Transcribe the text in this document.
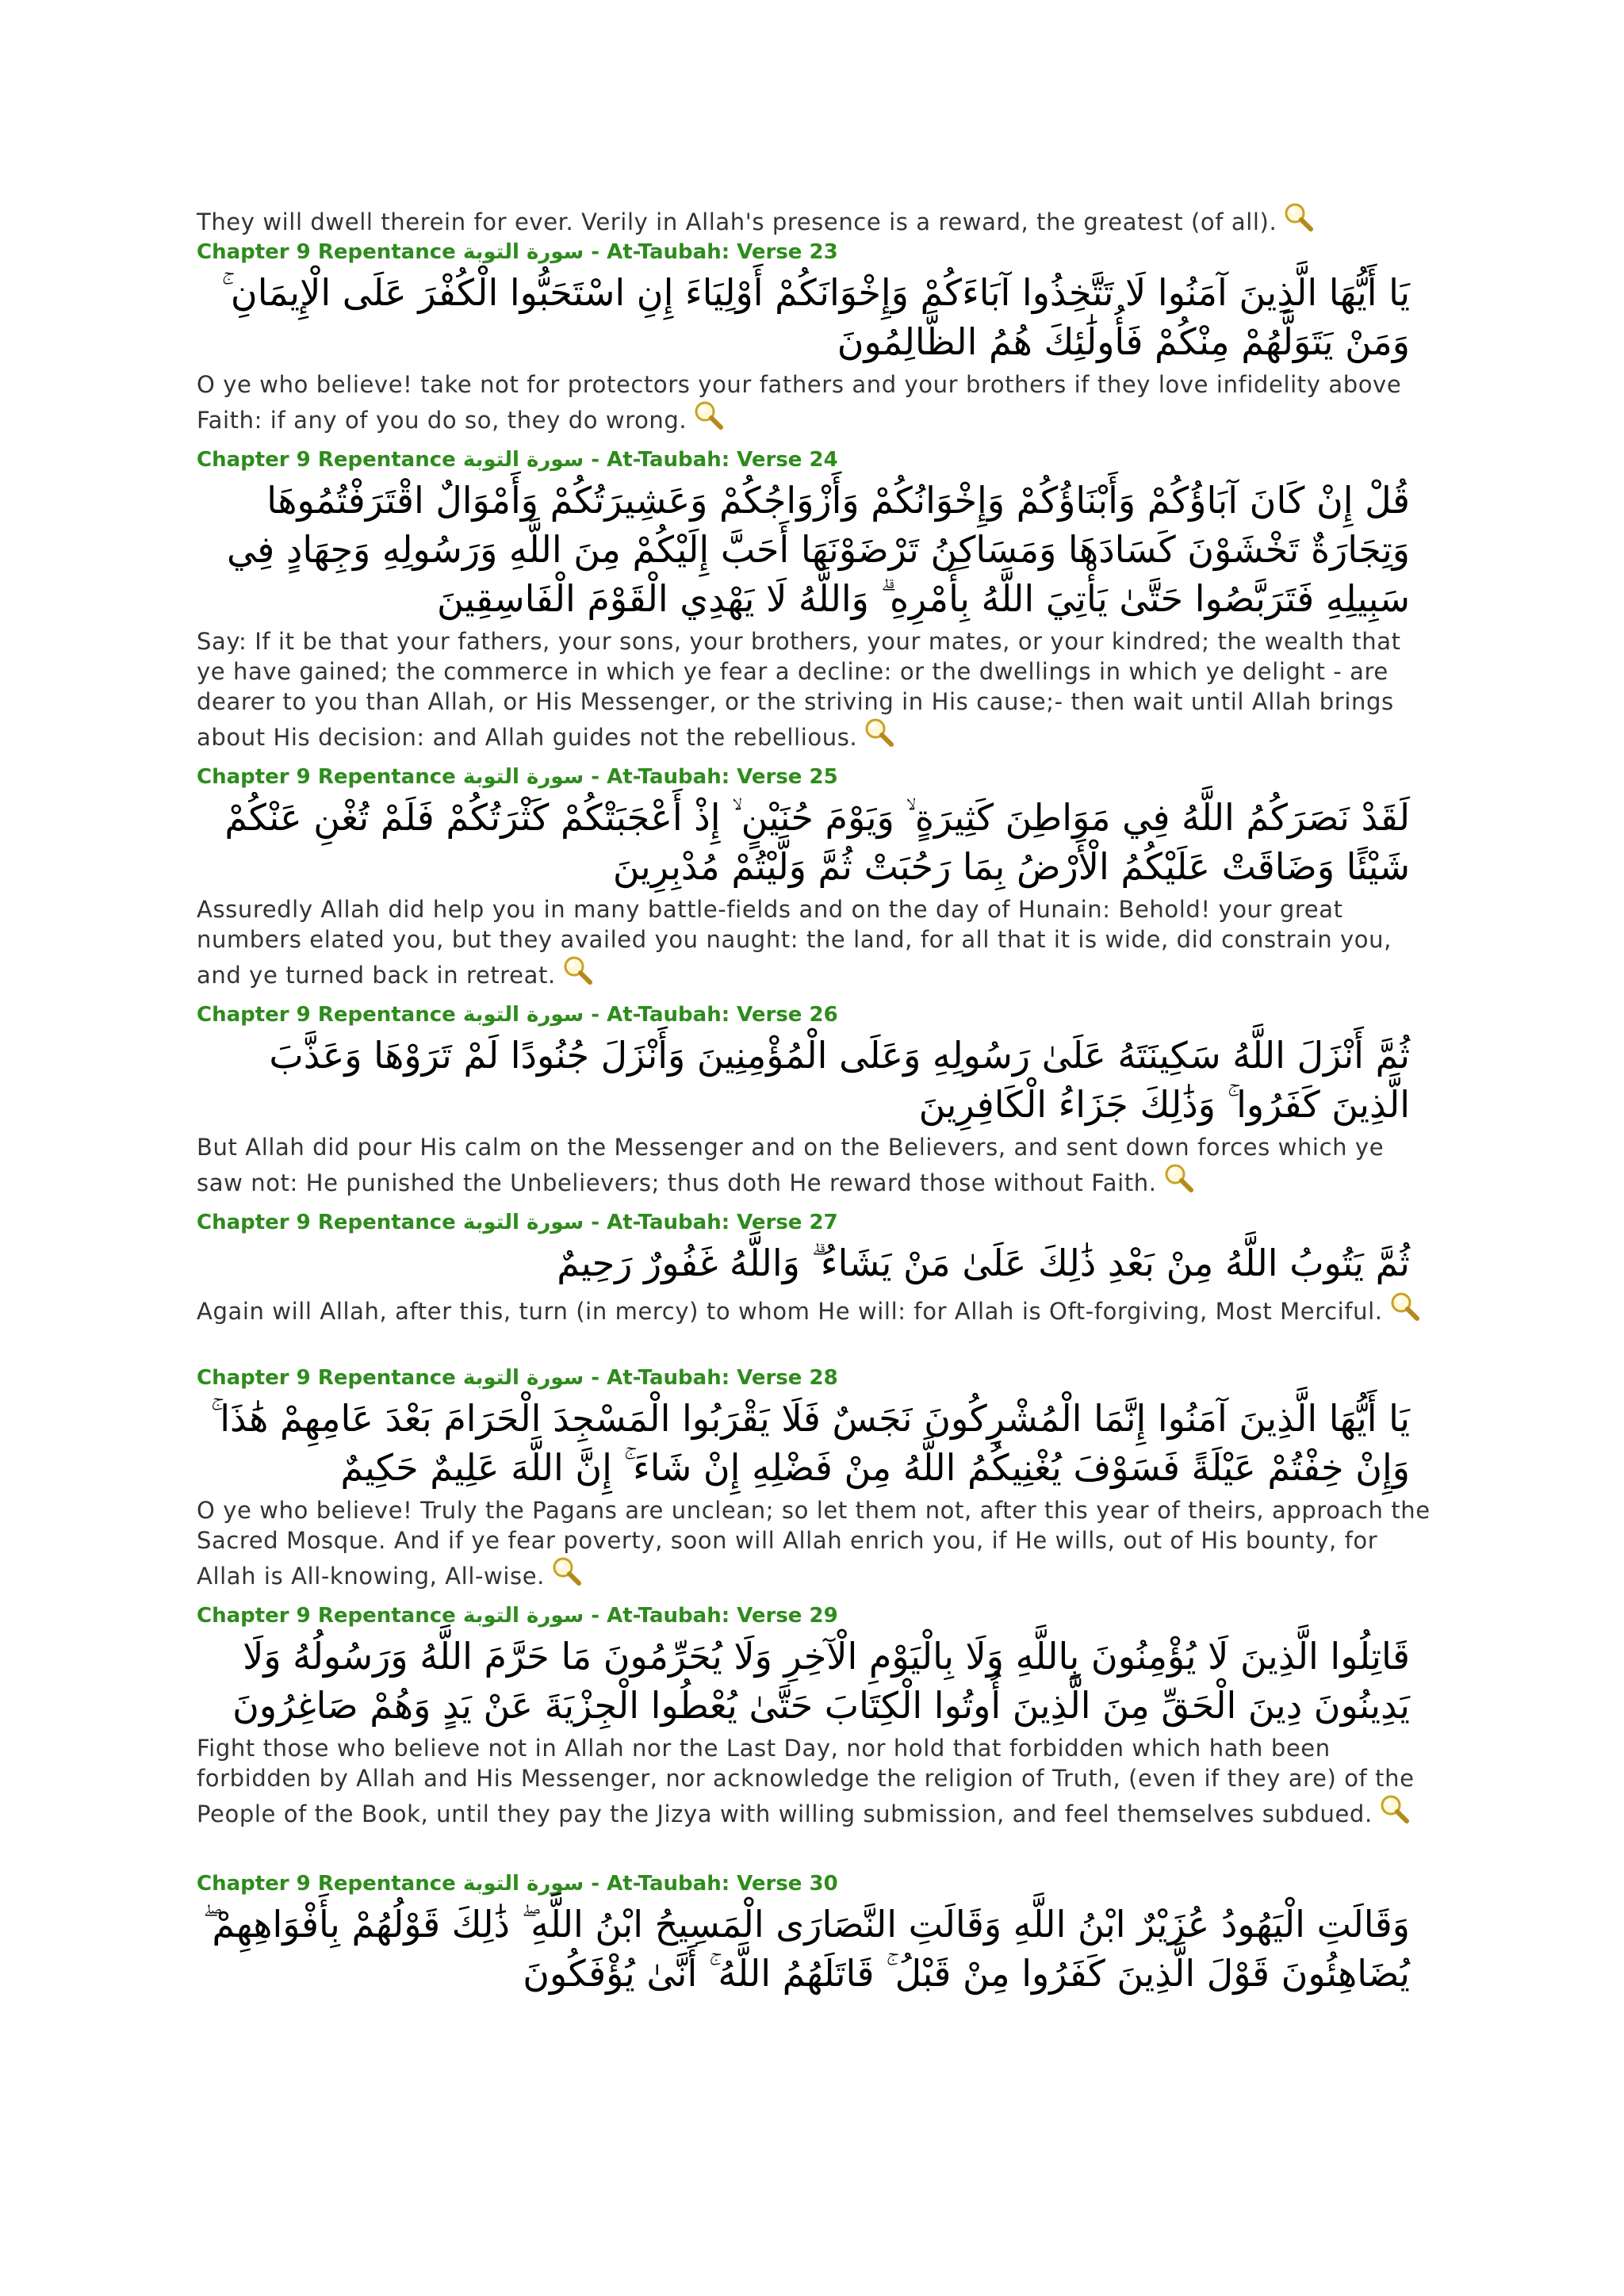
They will dwell therein for ever. Verily in Allah's presence is a reward, the greatest (of all).
Chapter 9 Repentance سورة التوبة - At-Taubah: Verse 23
يَا أَيُّهَا الَّذِينَ آمَنُوا لَا تَتَّخِذُوا آبَاءَكُمْ وَإِخْوَانَكُمْ أَوْلِيَاءَ إِنِ اسْتَحَبُّوا الْكُفْرَ عَلَى الْإِيمَانِ ۚ وَمَنْ يَتَوَلَّهُمْ مِنْكُمْ فَأُولَٰئِكَ هُمُ الظَّالِمُونَ
O ye who believe! take not for protectors your fathers and your brothers if they love infidelity above Faith: if any of you do so, they do wrong.
Chapter 9 Repentance سورة التوبة - At-Taubah: Verse 24
قُلْ إِنْ كَانَ آبَاؤُكُمْ وَأَبْنَاؤُكُمْ وَإِخْوَانُكُمْ وَأَزْوَاجُكُمْ وَعَشِيرَتُكُمْ وَأَمْوَالٌ اقْتَرَفْتُمُوهَا وَتِجَارَةٌ تَخْشَوْنَ كَسَادَهَا وَمَسَاكِنُ تَرْضَوْنَهَا أَحَبَّ إِلَيْكُمْ مِنَ اللَّهِ وَرَسُولِهِ وَجِهَادٍ فِي سَبِيلِهِ فَتَرَبَّصُوا حَتَّىٰ يَأْتِيَ اللَّهُ بِأَمْرِهِ ۗ وَاللَّهُ لَا يَهْدِي الْقَوْمَ الْفَاسِقِينَ
Say: If it be that your fathers, your sons, your brothers, your mates, or your kindred; the wealth that ye have gained; the commerce in which ye fear a decline: or the dwellings in which ye delight - are dearer to you than Allah, or His Messenger, or the striving in His cause;- then wait until Allah brings about His decision: and Allah guides not the rebellious.
Chapter 9 Repentance سورة التوبة - At-Taubah: Verse 25
لَقَدْ نَصَرَكُمُ اللَّهُ فِي مَوَاطِنَ كَثِيرَةٍ ۙ وَيَوْمَ حُنَيْنٍ ۙ إِذْ أَعْجَبَتْكُمْ كَثْرَتُكُمْ فَلَمْ تُغْنِ عَنْكُمْ شَيْئًا وَضَاقَتْ عَلَيْكُمُ الْأَرْضُ بِمَا رَحُبَتْ ثُمَّ وَلَّيْتُمْ مُدْبِرِينَ
Assuredly Allah did help you in many battle-fields and on the day of Hunain: Behold! your great numbers elated you, but they availed you naught: the land, for all that it is wide, did constrain you, and ye turned back in retreat.
Chapter 9 Repentance سورة التوبة - At-Taubah: Verse 26
ثُمَّ أَنْزَلَ اللَّهُ سَكِينَتَهُ عَلَىٰ رَسُولِهِ وَعَلَى الْمُؤْمِنِينَ وَأَنْزَلَ جُنُودًا لَمْ تَرَوْهَا وَعَذَّبَ الَّذِينَ كَفَرُوا ۚ وَذَٰلِكَ جَزَاءُ الْكَافِرِينَ
But Allah did pour His calm on the Messenger and on the Believers, and sent down forces which ye saw not: He punished the Unbelievers; thus doth He reward those without Faith.
Chapter 9 Repentance سورة التوبة - At-Taubah: Verse 27
ثُمَّ يَتُوبُ اللَّهُ مِنْ بَعْدِ ذَٰلِكَ عَلَىٰ مَنْ يَشَاءُ ۗ وَاللَّهُ غَفُورٌ رَحِيمٌ
Again will Allah, after this, turn (in mercy) to whom He will: for Allah is Oft-forgiving, Most Merciful.
Chapter 9 Repentance سورة التوبة - At-Taubah: Verse 28
يَا أَيُّهَا الَّذِينَ آمَنُوا إِنَّمَا الْمُشْرِكُونَ نَجَسٌ فَلَا يَقْرَبُوا الْمَسْجِدَ الْحَرَامَ بَعْدَ عَامِهِمْ هَٰذَا ۚ وَإِنْ خِفْتُمْ عَيْلَةً فَسَوْفَ يُغْنِيكُمُ اللَّهُ مِنْ فَضْلِهِ إِنْ شَاءَ ۚ إِنَّ اللَّهَ عَلِيمٌ حَكِيمٌ
O ye who believe! Truly the Pagans are unclean; so let them not, after this year of theirs, approach the Sacred Mosque. And if ye fear poverty, soon will Allah enrich you, if He wills, out of His bounty, for Allah is All-knowing, All-wise.
Chapter 9 Repentance سورة التوبة - At-Taubah: Verse 29
قَاتِلُوا الَّذِينَ لَا يُؤْمِنُونَ بِاللَّهِ وَلَا بِالْيَوْمِ الْآخِرِ وَلَا يُحَرِّمُونَ مَا حَرَّمَ اللَّهُ وَرَسُولُهُ وَلَا يَدِينُونَ دِينَ الْحَقِّ مِنَ الَّذِينَ أُوتُوا الْكِتَابَ حَتَّىٰ يُعْطُوا الْجِزْيَةَ عَنْ يَدٍ وَهُمْ صَاغِرُونَ
Fight those who believe not in Allah nor the Last Day, nor hold that forbidden which hath been forbidden by Allah and His Messenger, nor acknowledge the religion of Truth, (even if they are) of the People of the Book, until they pay the Jizya with willing submission, and feel themselves subdued.
Chapter 9 Repentance سورة التوبة - At-Taubah: Verse 30
وَقَالَتِ الْيَهُودُ عُزَيْرٌ ابْنُ اللَّهِ وَقَالَتِ النَّصَارَى الْمَسِيحُ ابْنُ اللَّهِ ۖ ذَٰلِكَ قَوْلُهُمْ بِأَفْوَاهِهِمْ ۖ يُضَاهِئُونَ قَوْلَ الَّذِينَ كَفَرُوا مِنْ قَبْلُ ۚ قَاتَلَهُمُ اللَّهُ ۚ أَنَّىٰ يُؤْفَكُونَ
